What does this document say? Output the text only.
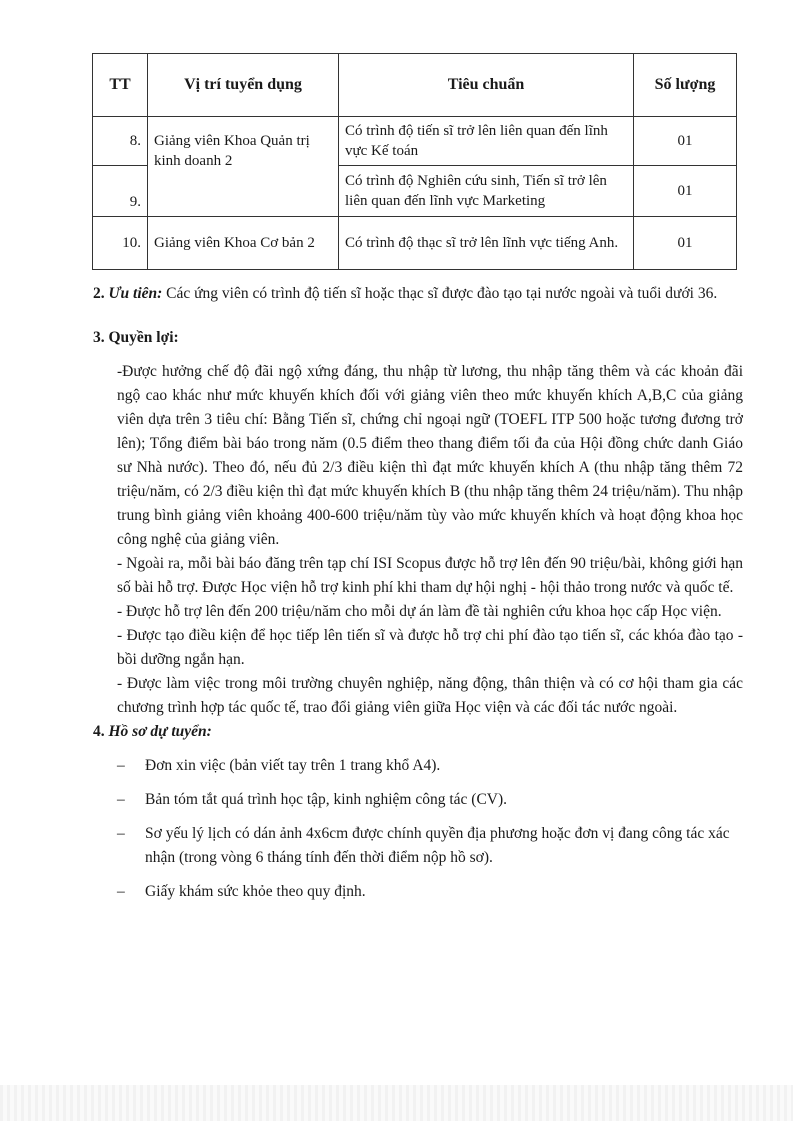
TT	Vị trí tuyển dụng	Tiêu chuẩn	Số lượng
8.	Giảng viên Khoa Quản trị kinh doanh 2	Có trình độ tiến sĩ trở lên liên quan đến lĩnh vực Kế toán	01
9.		Có trình độ Nghiên cứu sinh, Tiến sĩ trở lên liên quan đến lĩnh vực Marketing	01
10.	Giảng viên Khoa Cơ bản 2	Có trình độ thạc sĩ trở lên lĩnh vực tiếng Anh.	01

2. Ưu tiên: Các ứng viên có trình độ tiến sĩ hoặc thạc sĩ được đào tạo tại nước ngoài và tuổi dưới 36.

3. Quyền lợi:

-Được hưởng chế độ đãi ngộ xứng đáng, thu nhập từ lương, thu nhập tăng thêm và các khoản đãi ngộ cao khác như mức khuyến khích đối với giảng viên theo mức khuyến khích A,B,C của giảng viên dựa trên 3 tiêu chí: Bằng Tiến sĩ, chứng chỉ ngoại ngữ (TOEFL ITP 500 hoặc tương đương trở lên); Tổng điểm bài báo trong năm (0.5 điểm theo thang điểm tối đa của Hội đồng chức danh Giáo sư Nhà nước). Theo đó, nếu đủ 2/3 điều kiện thì đạt mức khuyến khích A (thu nhập tăng thêm 72 triệu/năm, có 2/3 điều kiện thì đạt mức khuyến khích B (thu nhập tăng thêm 24 triệu/năm). Thu nhập trung bình giảng viên khoảng 400-600 triệu/năm tùy vào mức khuyến khích và hoạt động khoa học công nghệ của giảng viên.

- Ngoài ra, mỗi bài báo đăng trên tạp chí ISI Scopus được hỗ trợ lên đến 90 triệu/bài, không giới hạn số bài hỗ trợ. Được Học viện hỗ trợ kinh phí khi tham dự hội nghị - hội thảo trong nước và quốc tế.

- Được hỗ trợ lên đến 200 triệu/năm cho mỗi dự án làm đề tài nghiên cứu khoa học cấp Học viện.

- Được tạo điều kiện để học tiếp lên tiến sĩ và được hỗ trợ chi phí đào tạo tiến sĩ, các khóa đào tạo - bồi dưỡng ngắn hạn.

- Được làm việc trong môi trường chuyên nghiệp, năng động, thân thiện và có cơ hội tham gia các chương trình hợp tác quốc tế, trao đổi giảng viên giữa Học viện và các đối tác nước ngoài.

4. Hồ sơ dự tuyển:

– Đơn xin việc (bản viết tay trên 1 trang khổ A4).
– Bản tóm tắt quá trình học tập, kinh nghiệm công tác (CV).
– Sơ yếu lý lịch có dán ảnh 4x6cm được chính quyền địa phương hoặc đơn vị đang công tác xác nhận (trong vòng 6 tháng tính đến thời điểm nộp hồ sơ).
– Giấy khám sức khỏe theo quy định.
